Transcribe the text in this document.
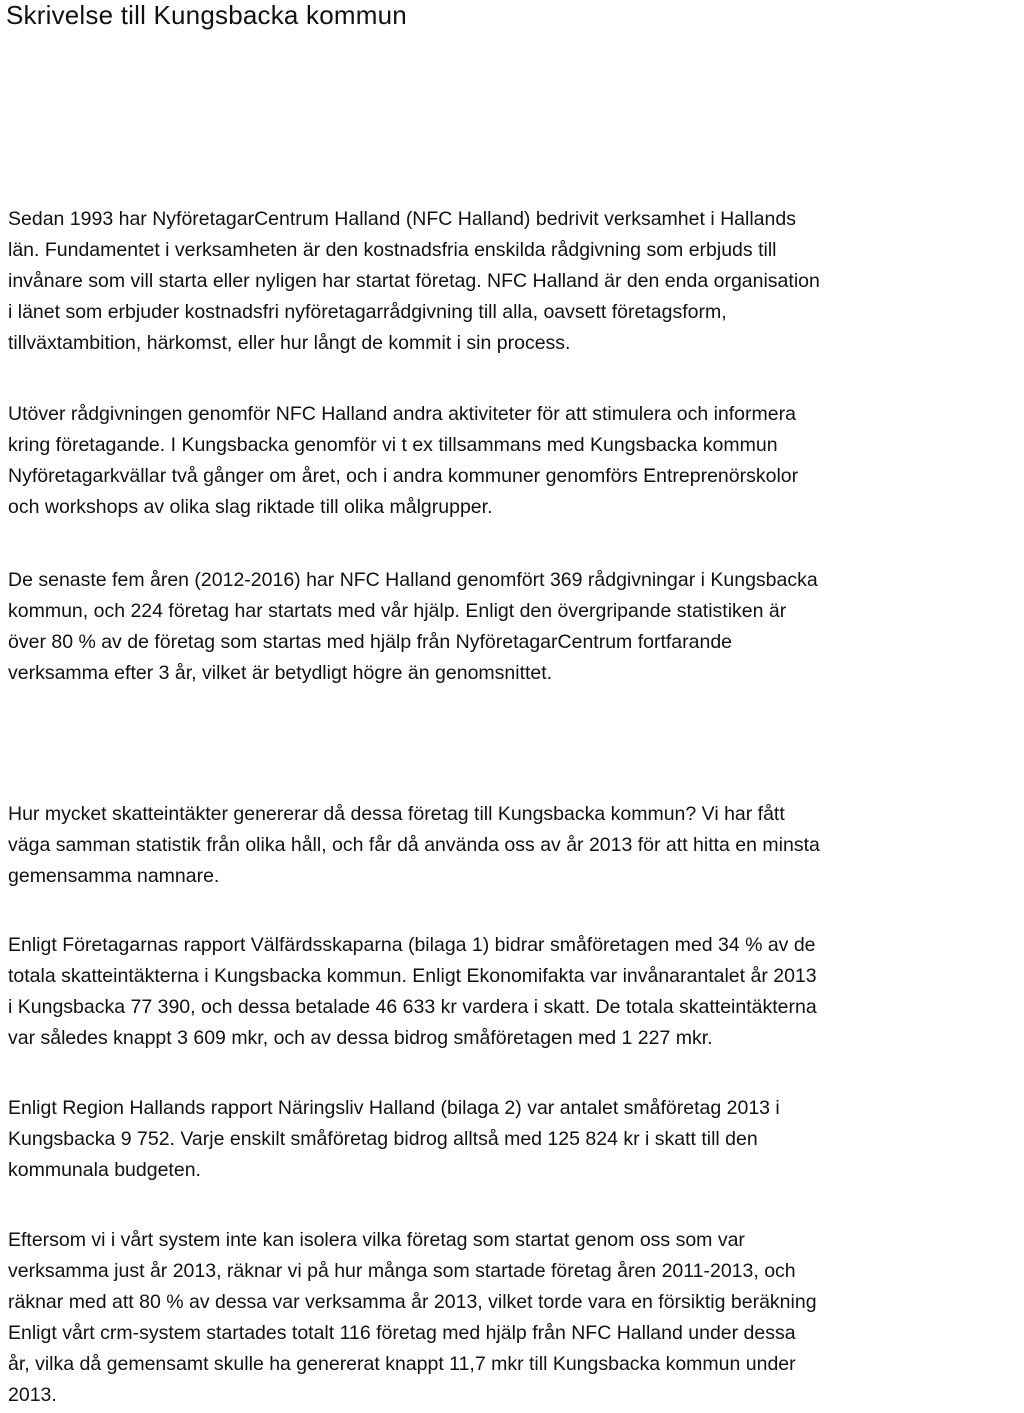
Skrivelse till Kungsbacka kommun
Sedan 1993 har NyföretagarCentrum Halland (NFC Halland) bedrivit verksamhet i Hallands
län. Fundamentet i verksamheten är den kostnadsfria enskilda rådgivning som erbjuds till
invånare som vill starta eller nyligen har startat företag. NFC Halland är den enda organisation
i länet som erbjuder kostnadsfri nyföretagarrådgivning till alla, oavsett företagsform,
tillväxtambition, härkomst, eller hur långt de kommit i sin process.
Utöver rådgivningen genomför NFC Halland andra aktiviteter för att stimulera och informera
kring företagande. I Kungsbacka genomför vi t ex tillsammans med Kungsbacka kommun
Nyföretagarkvällar två gånger om året, och i andra kommuner genomförs Entreprenörskolor
och workshops av olika slag riktade till olika målgrupper.
De senaste fem åren (2012-2016) har NFC Halland genomfört 369 rådgivningar i Kungsbacka
kommun, och 224 företag har startats med vår hjälp. Enligt den övergripande statistiken är
över 80 % av de företag som startas med hjälp från NyföretagarCentrum fortfarande
verksamma efter 3 år, vilket är betydligt högre än genomsnittet.
Hur mycket skatteintäkter genererar då dessa företag till Kungsbacka kommun? Vi har fått
väga samman statistik från olika håll, och får då använda oss av år 2013 för att hitta en minsta
gemensamma namnare.
Enligt Företagarnas rapport Välfärdsskaparna (bilaga 1) bidrar småföretagen med 34 % av de
totala skatteintäkterna i Kungsbacka kommun. Enligt Ekonomifakta var invånarantalet år 2013
i Kungsbacka 77 390, och dessa betalade 46 633 kr vardera i skatt. De totala skatteintäkterna
var således knappt 3 609 mkr, och av dessa bidrog småföretagen med 1 227 mkr.
Enligt Region Hallands rapport Näringsliv Halland (bilaga 2) var antalet småföretag 2013 i
Kungsbacka 9 752. Varje enskilt småföretag bidrog alltså med 125 824 kr i skatt till den
kommunala budgeten.
Eftersom vi i vårt system inte kan isolera vilka företag som startat genom oss som var
verksamma just år 2013, räknar vi på hur många som startade företag åren 2011-2013, och
räknar med att 80 % av dessa var verksamma år 2013, vilket torde vara en försiktig beräkning
Enligt vårt crm-system startades totalt 116 företag med hjälp från NFC Halland under dessa
år, vilka då gemensamt skulle ha genererat knappt 11,7 mkr till Kungsbacka kommun under
2013.
